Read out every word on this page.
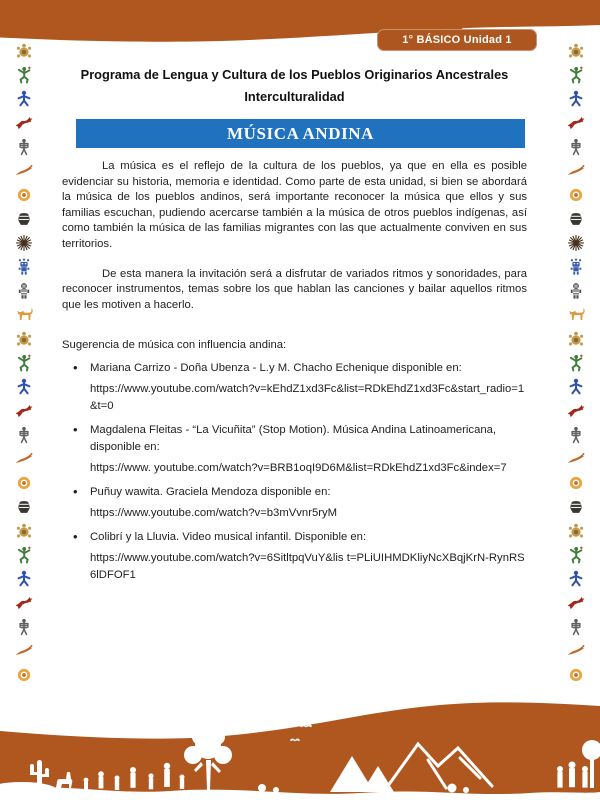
1° BÁSICO Unidad 1
Programa de Lengua y Cultura de los Pueblos Originarios Ancestrales
Interculturalidad
MÚSICA ANDINA

La música es el reflejo de la cultura de los pueblos, ya que en ella es posible evidenciar su historia, memoria e identidad. Como parte de esta unidad, si bien se abordará la música de los pueblos andinos, será importante reconocer la música que ellos y sus familias escuchan, pudiendo acercarse también a la música de otros pueblos indígenas, así como también la música de las familias migrantes con las que actualmente conviven en sus territorios.

De esta manera la invitación será a disfrutar de variados ritmos y sonoridades, para reconocer instrumentos, temas sobre los que hablan las canciones y bailar aquellos ritmos que les motiven a hacerlo.

Sugerencia de música con influencia andina:
• Mariana Carrizo - Doña Ubenza - L.y M. Chacho Echenique disponible en:
https://www.youtube.com/watch?v=kEhdZ1xd3Fc&list=RDkEhdZ1xd3Fc&start_radio=1&t=0
• Magdalena Fleitas - “La Vicuñita” (Stop Motion). Música Andina Latinoamericana, disponible en:
https://www. youtube.com/watch?v=BRB1oqI9D6M&list=RDkEhdZ1xd3Fc&index=7
• Puñuy wawita. Graciela Mendoza disponible en:
https://www.youtube.com/watch?v=b3mVvnr5ryM
• Colibrí y la Lluvia. Video musical infantil. Disponible en:
https://www.youtube.com/watch?v=6SitltpqVuY&lis t=PLiUIHMDKliyNcXBqjKrN-RynRS6lDFOF1
